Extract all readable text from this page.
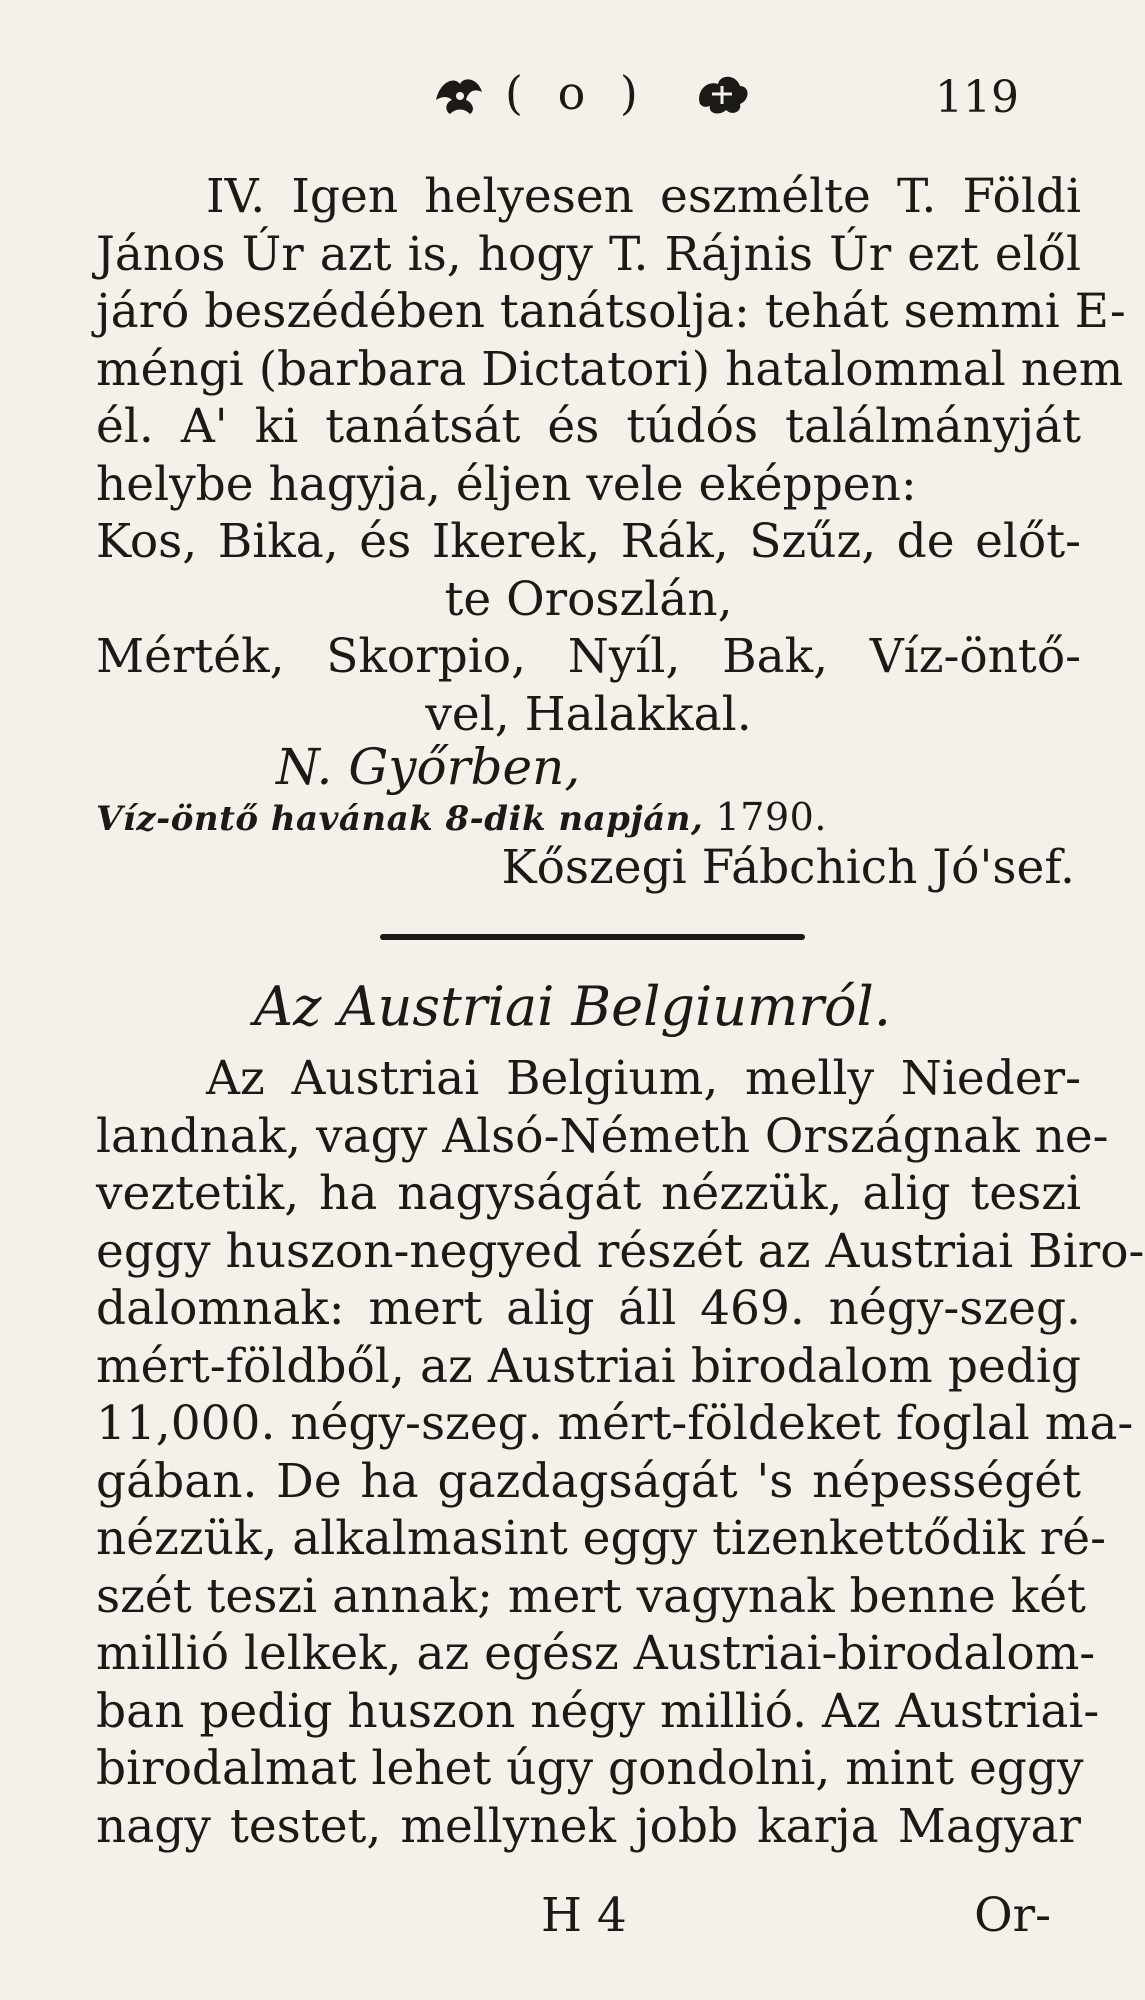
( o )	119
IV. Igen helyesen eszmélte T. Földi
János Úr azt is, hogy T. Rájnis Úr ezt elől
járó beszédében tanátsolja: tehát semmi E-
méngi (barbara Dictatori) hatalommal nem
él. A' ki tanátsát és túdós találmányját
helybe hagyja, éljen vele eképpen:
Kos, Bika, és Ikerek, Rák, Szűz, de előt-
te Oroszlán,
Mérték, Skorpio, Nyíl, Bak, Víz-öntő-
vel, Halakkal.
N. Győrben,
Víz-öntő havának 8-dik napján, 1790.
Kőszegi Fábchich Jó'sef.
Az Austriai Belgiumról.
Az Austriai Belgium, melly Nieder-
landnak, vagy Alsó-Németh Országnak ne-
veztetik, ha nagyságát nézzük, alig teszi
eggy huszon-negyed részét az Austriai Biro-
dalomnak: mert alig áll 469. négy-szeg.
mért-földből, az Austriai birodalom pedig
11,000. négy-szeg. mért-földeket foglal ma-
gában. De ha gazdagságát 's népességét
nézzük, alkalmasint eggy tizenkettődik ré-
szét teszi annak; mert vagynak benne két
millió lelkek, az egész Austriai-birodalom-
ban pedig huszon négy millió. Az Austriai-
birodalmat lehet úgy gondolni, mint eggy
nagy testet, mellynek jobb karja Magyar
H 4	Or-
